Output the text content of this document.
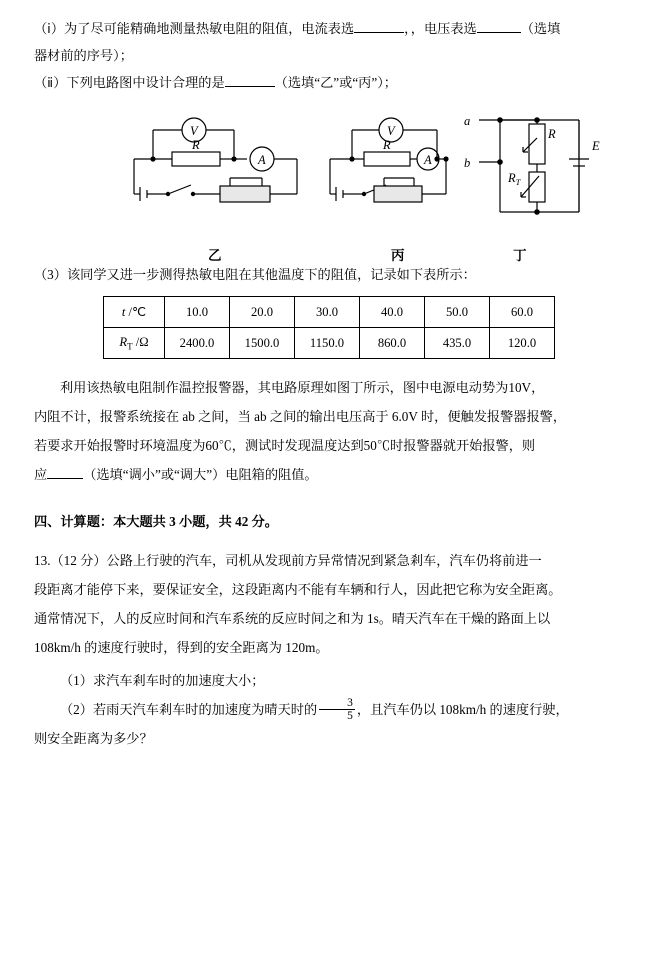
（ⅰ）为了尽可能精确地测量热敏电阻的阻值，电流表选	，，电压表选	（选填

器材前的序号）；

（ⅱ）下列电路图中设计合理的是	（选填“乙”或“丙”）；

V
A
R
V
A
R
a
b
E
R
$R_T$
乙	丙	丁

（3）该同学又进一步测得热敏电阻在其他温度下的阻值，记录如下表所示：

t /℃	10.0	20.0	30.0	40.0	50.0	60.0
$R_T$ /Ω	2400.0	1500.0	1150.0	860.0	435.0	120.0

利用该热敏电阻制作温控报警器，其电路原理如图丁所示，图中电源电动势为10V，

内阻不计，报警系统接在 ab 之间，当 ab 之间的输出电压高于 6.0V 时，便触发报警器报警，

若要求开始报警时环境温度为60℃，测试时发现温度达到50℃时报警器就开始报警，则

应	（选填“调小”或“调大”）电阻箱的阻值。

四、计算题：本大题共 3 小题，共 42 分。

13.（12 分）公路上行驶的汽车，司机从发现前方异常情况到紧急剎车，汽车仍将前进一

段距离才能停下来，要保证安全，这段距离内不能有车辆和行人，因此把它称为安全距离。

通常情况下，人的反应时间和汽车系统的反应时间之和为 1s。晴天汽车在干燥的路面上以

108km/h 的速度行驶时，得到的安全距离为 120m。

（1）求汽车剎车时的加速度大小；

（2）若雨天汽车剎车时的加速度为晴天时的 $\frac{3}{5}$ ，且汽车仍以 108km/h 的速度行驶，

则安全距离为多少？
